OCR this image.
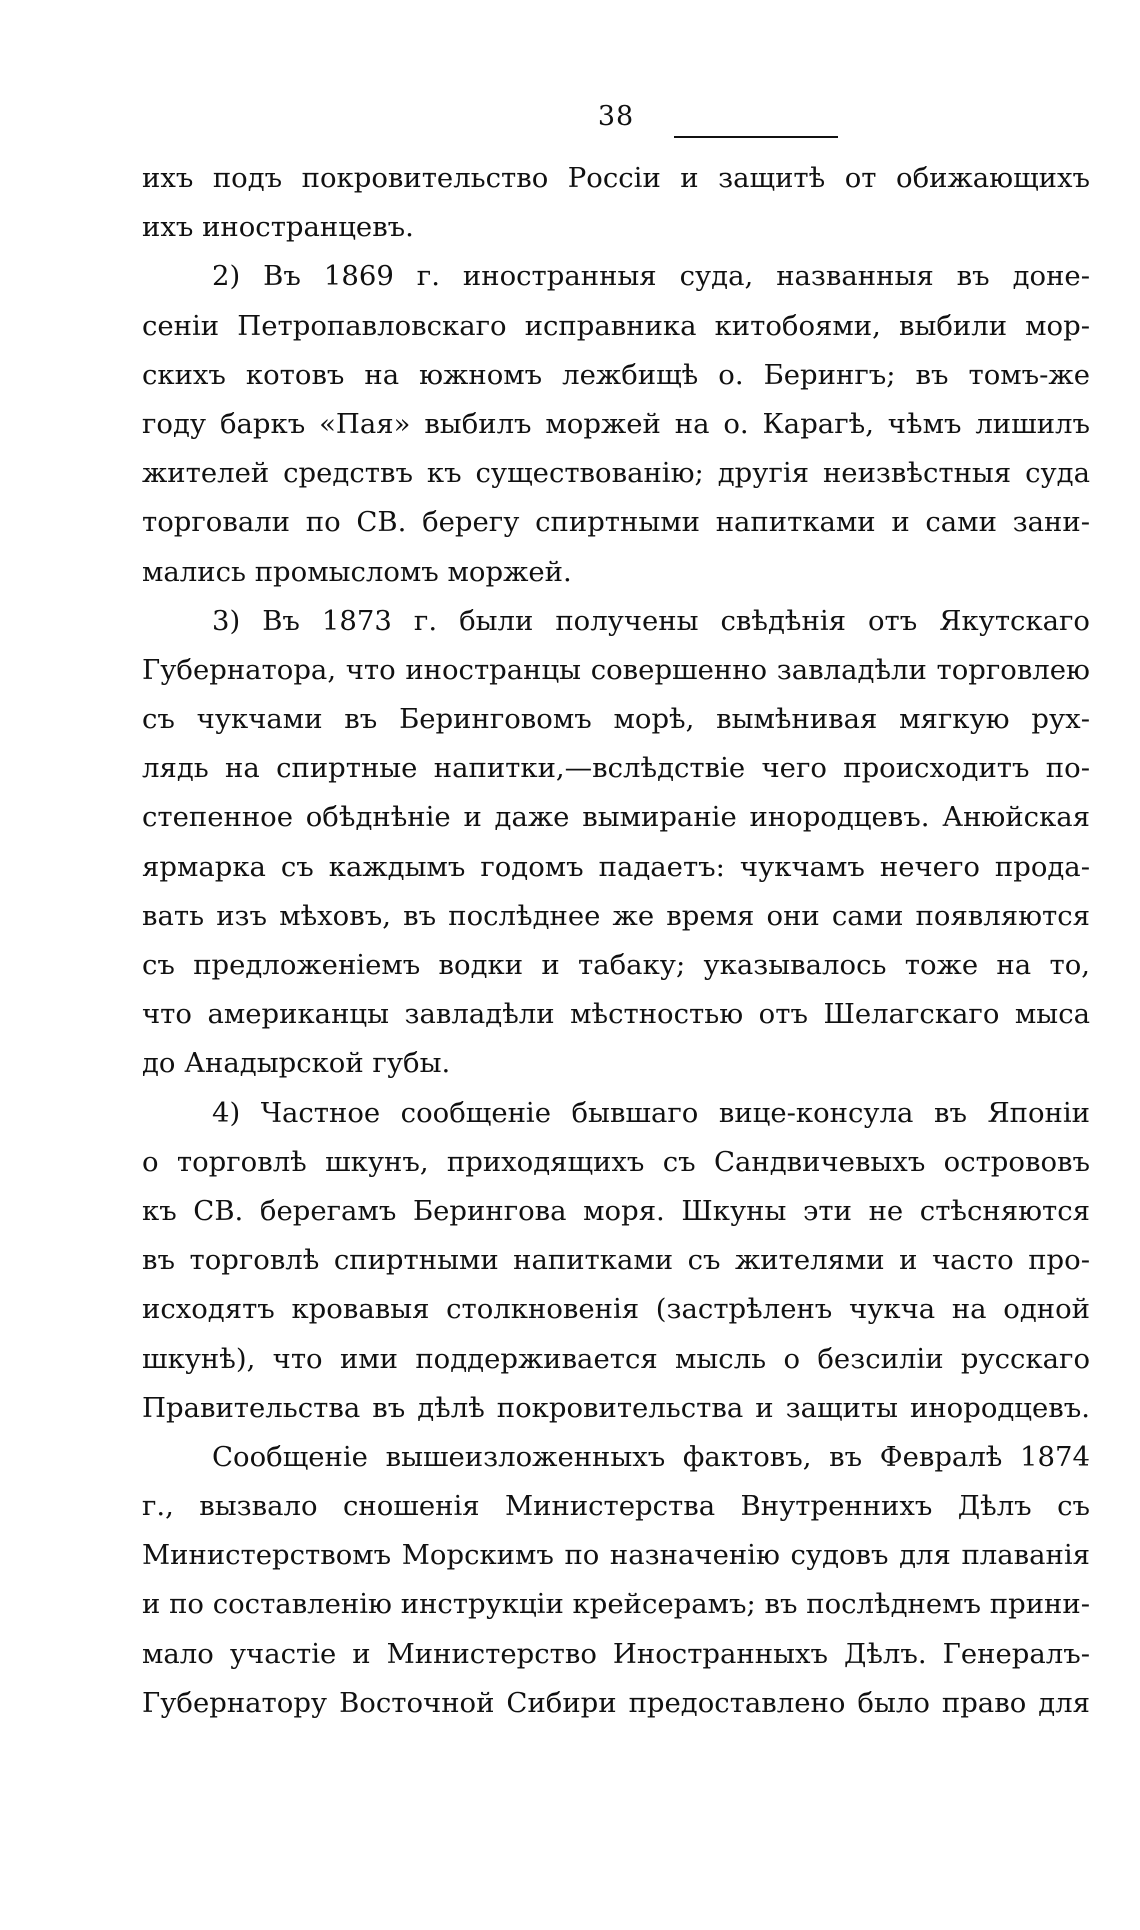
38
ихъ подъ покровительство Россіи и защитѣ от обижающихъ
ихъ иностранцевъ.
2) Въ 1869 г. иностранныя суда, названныя въ доне-
сеніи Петропавловскаго исправника китобоями, выбили мор-
скихъ котовъ на южномъ лежбищѣ о. Берингъ; въ томъ-же
году баркъ «Пая» выбилъ моржей на о. Карагѣ, чѣмъ лишилъ
жителей средствъ къ существованію; другія неизвѣстныя суда
торговали по СВ. берегу спиртными напитками и сами зани-
мались промысломъ моржей.
3) Въ 1873 г. были получены свѣдѣнія отъ Якутскаго
Губернатора, что иностранцы совершенно завладѣли торговлею
съ чукчами въ Беринговомъ морѣ, вымѣнивая мягкую рух-
лядь на спиртные напитки,—вслѣдствіе чего происходитъ по-
степенное обѣднѣніе и даже вымираніе инородцевъ. Анюйская
ярмарка съ каждымъ годомъ падаетъ: чукчамъ нечего прода-
вать изъ мѣховъ, въ послѣднее же время они сами появляются
съ предложеніемъ водки и табаку; указывалось тоже на то,
что американцы завладѣли мѣстностью отъ Шелагскаго мыса
до Анадырской губы.
4) Частное сообщеніе бывшаго вице-консула въ Японіи
о торговлѣ шкунъ, приходящихъ съ Сандвичевыхъ острововъ
къ СВ. берегамъ Берингова моря. Шкуны эти не стѣсняются
въ торговлѣ спиртными напитками съ жителями и часто про-
исходятъ кровавыя столкновенія (застрѣленъ чукча на одной
шкунѣ), что ими поддерживается мысль о безсиліи русскаго
Правительства въ дѣлѣ покровительства и защиты инородцевъ.
Сообщеніе вышеизложенныхъ фактовъ, въ Февралѣ 1874
г., вызвало сношенія Министерства Внутреннихъ Дѣлъ съ
Министерствомъ Морскимъ по назначенію судовъ для плаванія
и по составленію инструкціи крейсерамъ; въ послѣднемъ прини-
мало участіе и Министерство Иностранныхъ Дѣлъ. Генералъ-
Губернатору Восточной Сибири предоставлено было право для
